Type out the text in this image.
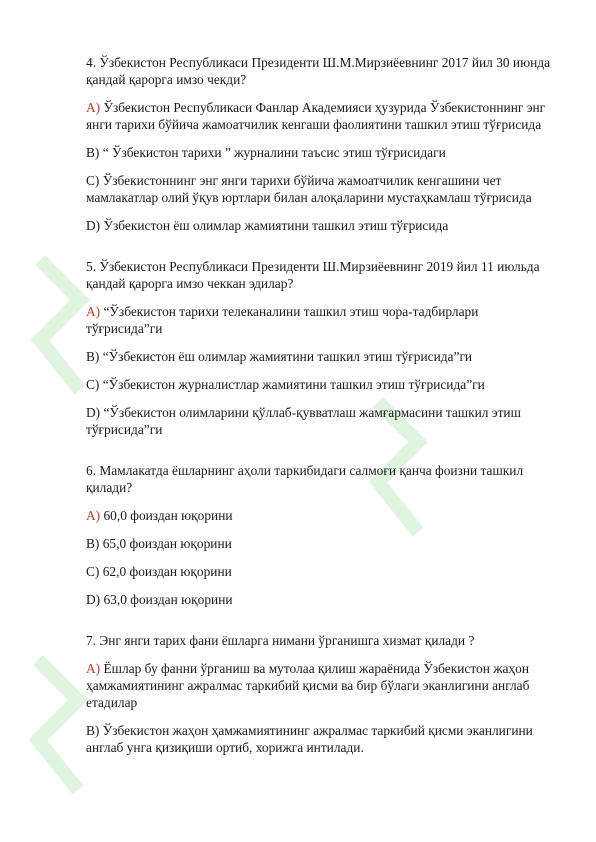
4. Ўзбекистон Республикаси Президенти Ш.М.Мирзиёевнинг 2017 йил 30 июнда қандай қарорга имзо чекди?

A) Ўзбекистон Республикаси Фанлар Академияси ҳузурида Ўзбекистоннинг энг янги тарихи бўйича жамоатчилик кенгаши фаолиятини ташкил этиш тўғрисида

B) “ Ўзбекистон тарихи ” журналини таъсис этиш тўғрисидаги

C) Ўзбекистоннинг энг янги тарихи бўйича жамоатчилик кенгашини чет мамлакатлар олий ўқув юртлари билан алоқаларини мустаҳкамлаш тўғрисида

D) Ўзбекистон ёш олимлар жамиятини ташкил этиш тўғрисида

5. Ўзбекистон Республикаси Президенти Ш.Мирзиёевнинг 2019 йил 11 июльда қандай қарорга имзо чеккан эдилар?

A) “Ўзбекистон тарихи телеканалини ташкил этиш чора-тадбирлари тўғрисида”ги

B) “Ўзбекистон ёш олимлар жамиятини ташкил этиш тўғрисида”ги

C) “Ўзбекистон журналистлар жамиятини ташкил этиш тўғрисида”ги

D) “Ўзбекистон олимларини қўллаб-қувватлаш жамғармасини ташкил этиш тўғрисида”ги

6. Мамлакатда ёшларнинг аҳоли таркибидаги салмоғи қанча фоизни ташкил қилади?

A) 60,0 фоиздан юқорини

B) 65,0 фоиздан юқорини

C) 62,0 фоиздан юқорини

D) 63,0 фоиздан юқорини

7. Энг янги тарих фани ёшларга нимани ўрганишга хизмат қилади ?

A) Ёшлар бу фанни ўрганиш ва мутолаа қилиш жараёнида Ўзбекистон жаҳон ҳамжамиятининг ажралмас таркибий қисми ва бир бўлаги эканлигини англаб етадилар

B) Ўзбекистон жаҳон ҳамжамиятининг ажралмас таркибий қисми эканлигини англаб унга қизиқиши ортиб, хорижга интилади.
